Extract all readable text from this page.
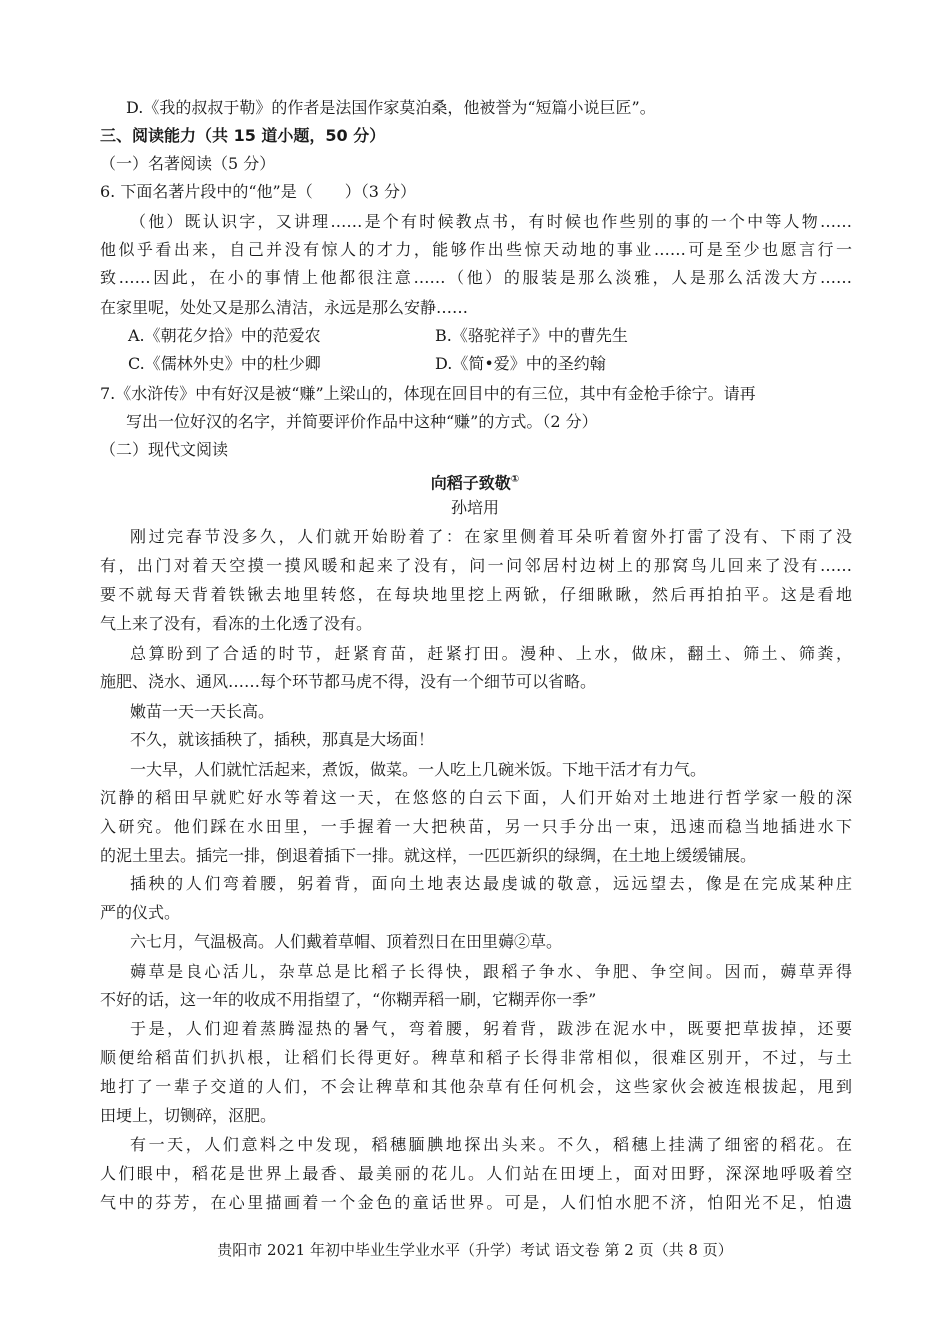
D.《我的叔叔于勒》的作者是法国作家莫泊桑，他被誉为“短篇小说巨匠”。
三、阅读能力（共 15 道小题，50 分）
（一）名著阅读（5 分）
6. 下面名著片段中的“他”是（　　）（3 分）
（他）既认识字，又讲理……是个有时候教点书，有时候也作些别的事的一个中等人物……
他似乎看出来，自己并没有惊人的才力，能够作出些惊天动地的事业……可是至少也愿言行一
致……因此，在小的事情上他都很注意……（他）的服装是那么淡雅，人是那么活泼大方……
在家里呢，处处又是那么清洁，永远是那么安静……
A.《朝花夕拾》中的范爱农	B.《骆驼祥子》中的曹先生
C.《儒林外史》中的杜少卿	D.《简•爱》中的圣约翰
7.《水浒传》中有好汉是被“赚”上梁山的，体现在回目中的有三位，其中有金枪手徐宁。请再
写出一位好汉的名字，并简要评价作品中这种“赚”的方式。（2 分）
（二）现代文阅读
向稻子致敬①
孙培用
刚过完春节没多久，人们就开始盼着了：在家里侧着耳朵听着窗外打雷了没有、下雨了没
有，出门对着天空摸一摸风暖和起来了没有，问一问邻居村边树上的那窝鸟儿回来了没有……
要不就每天背着铁锹去地里转悠，在每块地里挖上两锨，仔细瞅瞅，然后再拍拍平。这是看地
气上来了没有，看冻的土化透了没有。
总算盼到了合适的时节，赶紧育苗，赶紧打田。漫种、上水，做床，翻土、筛土、筛粪，
施肥、浇水、通风……每个环节都马虎不得，没有一个细节可以省略。
嫩苗一天一天长高。
不久，就该插秧了，插秧，那真是大场面！
一大早，人们就忙活起来，煮饭，做菜。一人吃上几碗米饭。下地干活才有力气。
沉静的稻田早就贮好水等着这一天，在悠悠的白云下面，人们开始对土地进行哲学家一般的深
入研究。他们踩在水田里，一手握着一大把秧苗，另一只手分出一束，迅速而稳当地插进水下
的泥土里去。插完一排，倒退着插下一排。就这样，一匹匹新织的绿绸，在土地上缓缓铺展。
插秧的人们弯着腰，躬着背，面向土地表达最虔诚的敬意，远远望去，像是在完成某种庄
严的仪式。
六七月，气温极高。人们戴着草帽、顶着烈日在田里薅②草。
薅草是良心活儿，杂草总是比稻子长得快，跟稻子争水、争肥、争空间。因而，薅草弄得
不好的话，这一年的收成不用指望了，“你糊弄稻一刷，它糊弄你一季”
于是，人们迎着蒸腾湿热的暑气，弯着腰，躬着背，跋涉在泥水中，既要把草拔掉，还要
顺便给稻苗们扒扒根，让稻们长得更好。稗草和稻子长得非常相似，很难区别开，不过，与土
地打了一辈子交道的人们，不会让稗草和其他杂草有任何机会，这些家伙会被连根拔起，甩到
田埂上，切铡碎，沤肥。
有一天，人们意料之中发现，稻穗腼腆地探出头来。不久，稻穗上挂满了细密的稻花。在
人们眼中，稻花是世界上最香、最美丽的花儿。人们站在田埂上，面对田野，深深地呼吸着空
气中的芬芳，在心里描画着一个金色的童话世界。可是，人们怕水肥不济，怕阳光不足，怕遗
贵阳市 2021 年初中毕业生学业水平（升学）考试 语文卷 第 2 页（共 8 页）
